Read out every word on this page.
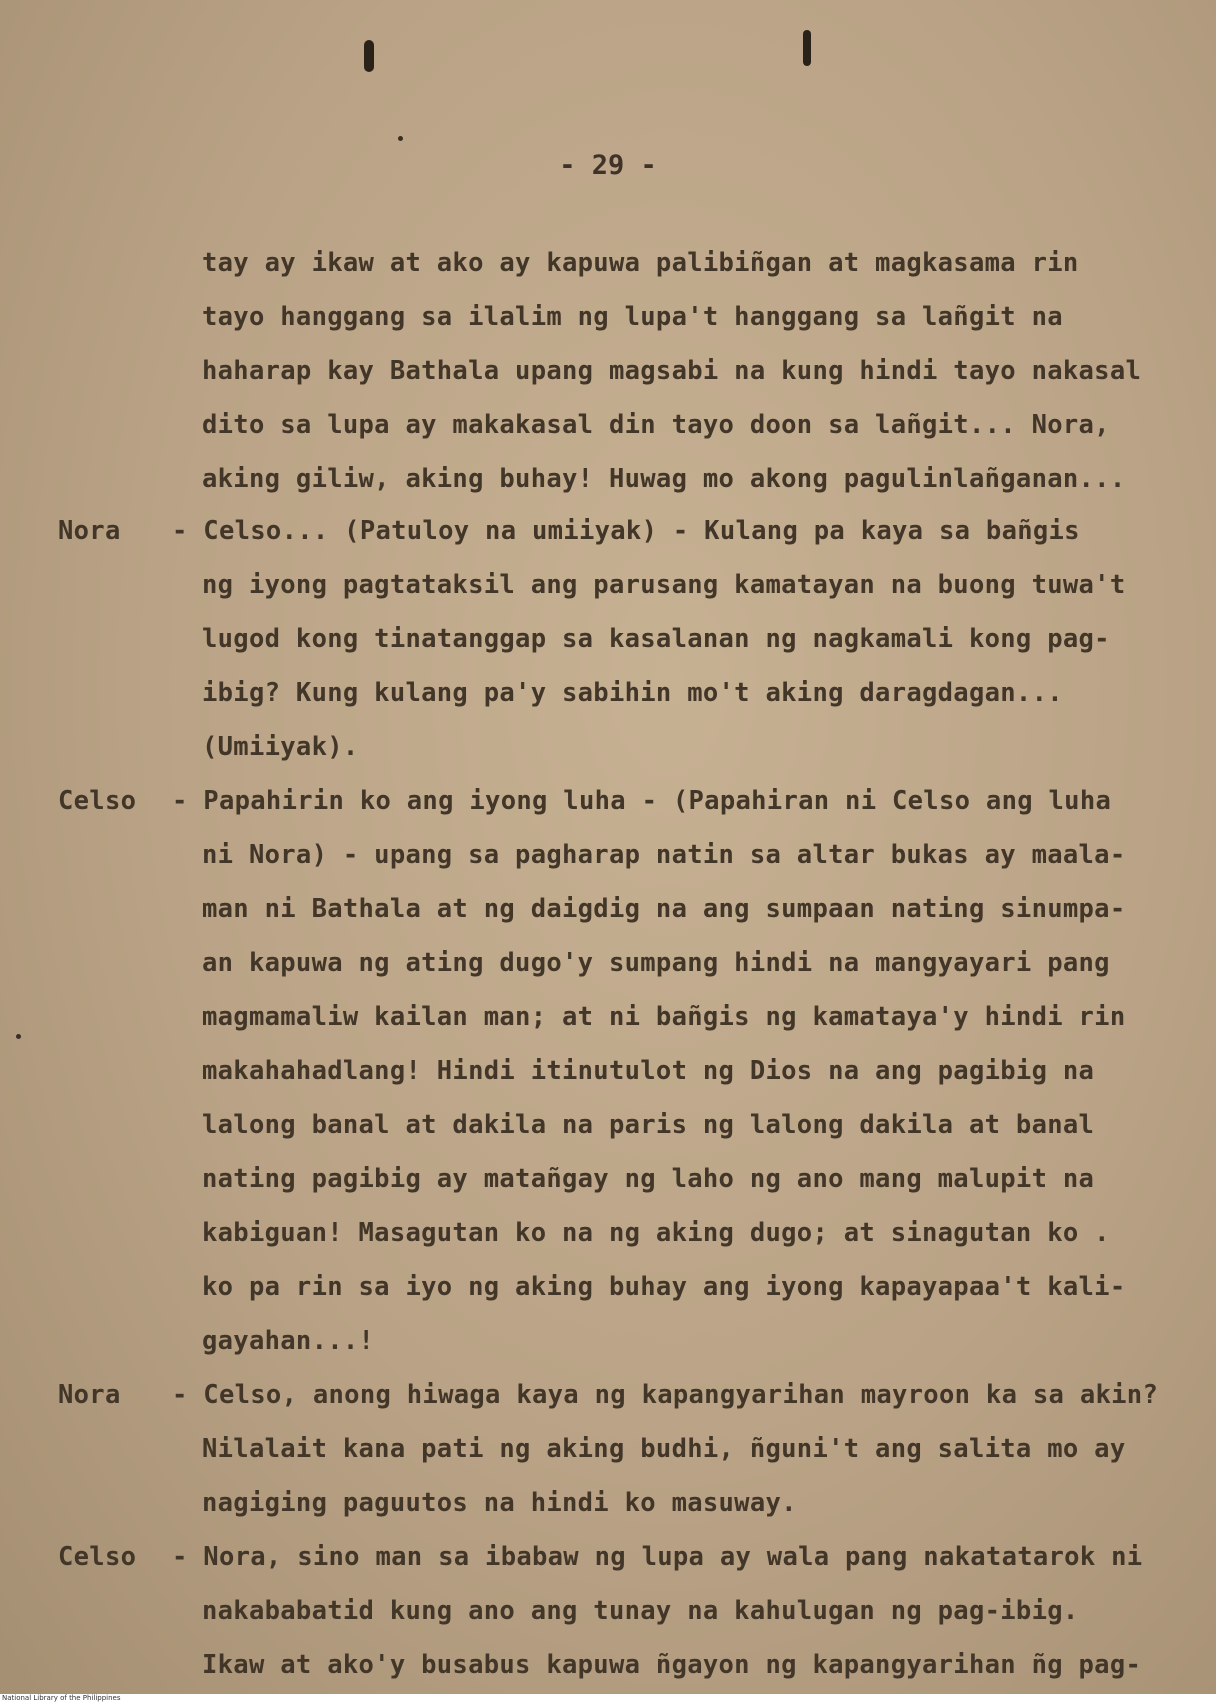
- 29 -
tay ay ikaw at ako ay kapuwa palibiñgan at magkasama rin
tayo hanggang sa ilalim ng lupa't hanggang sa lañgit na
haharap kay Bathala upang magsabi na kung hindi tayo nakasal
dito sa lupa ay makakasal din tayo doon sa lañgit... Nora,
aking giliw, aking buhay! Huwag mo akong pagulinlañganan...
Nora - Celso... (Patuloy na umiiyak) - Kulang pa kaya sa bañgis
ng iyong pagtataksil ang parusang kamatayan na buong tuwa't
lugod kong tinatanggap sa kasalanan ng nagkamali kong pag-
ibig? Kung kulang pa'y sabihin mo't aking daragdagan...
(Umiiyak).
Celso - Papahirin ko ang iyong luha - (Papahiran ni Celso ang luha
ni Nora) - upang sa pagharap natin sa altar bukas ay maala-
man ni Bathala at ng daigdig na ang sumpaan nating sinumpa-
an kapuwa ng ating dugo'y sumpang hindi na mangyayari pang
magmamaliw kailan man; at ni bañgis ng kamataya'y hindi rin
makahahadlang! Hindi itinutulot ng Dios na ang pagibig na
lalong banal at dakila na paris ng lalong dakila at banal
nating pagibig ay matañgay ng laho ng ano mang malupit na
kabiguan! Masagutan ko na ng aking dugo; at sinagutan ko .
ko pa rin sa iyo ng aking buhay ang iyong kapayapaa't kali-
gayahan...!
Nora - Celso, anong hiwaga kaya ng kapangyarihan mayroon ka sa akin?
Nilalait kana pati ng aking budhi, ñguni't ang salita mo ay
nagiging paguutos na hindi ko masuway.
Celso - Nora, sino man sa ibabaw ng lupa ay wala pang nakatatarok ni
nakababatid kung ano ang tunay na kahulugan ng pag-ibig.
Ikaw at ako'y busabus kapuwa ñgayon ng kapangyarihan ñg pag-
National Library of the Philippines
